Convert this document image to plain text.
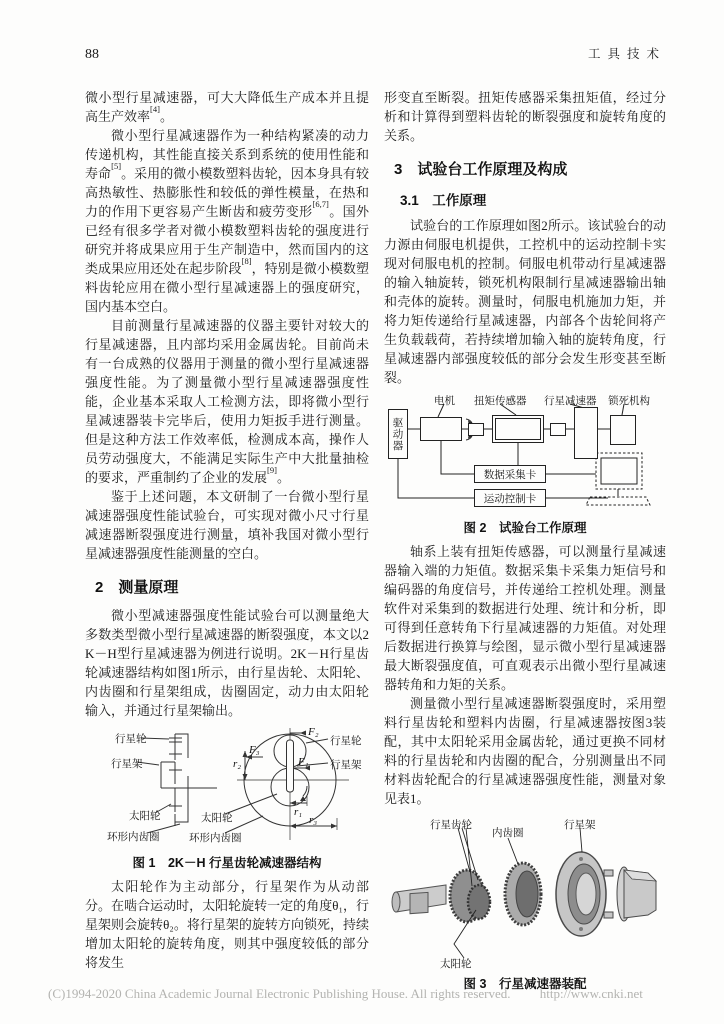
88	工具技术

微小型行星减速器，可大大降低生产成本并且提高生产效率[4]。

微小型行星减速器作为一种结构紧凑的动力传递机构，其性能直接关系到系统的使用性能和寿命[5]。采用的微小模数塑料齿轮，因本身具有较高热敏性、热膨胀性和较低的弹性模量，在热和力的作用下更容易产生断齿和疲劳变形[6,7]。国外已经有很多学者对微小模数塑料齿轮的强度进行研究并将成果应用于生产制造中，然而国内的这类成果应用还处在起步阶段[8]，特别是微小模数塑料齿轮应用在微小型行星减速器上的强度研究，国内基本空白。

目前测量行星减速器的仪器主要针对较大的行星减速器，且内部均采用金属齿轮。目前尚未有一台成熟的仪器用于测量的微小型行星减速器强度性能。为了测量微小型行星减速器强度性能，企业基本采取人工检测方法，即将微小型行星减速器装卡完毕后，使用力矩扳手进行测量。但是这种方法工作效率低，检测成本高，操作人员劳动强度大，不能满足实际生产中大批量抽检的要求，严重制约了企业的发展[9]。

鉴于上述问题，本文研制了一台微小型行星减速器强度性能试验台，可实现对微小尺寸行星减速器断裂强度进行测量，填补我国对微小型行星减速器强度性能测量的空白。

2　测量原理

微小型减速器强度性能试验台可以测量绝大多数类型微小型行星减速器的断裂强度，本文以2K－H型行星减速器为例进行说明。2K－H行星齿轮减速器结构如图1所示，由行星齿轮、太阳轮、内齿圈和行星架组成，齿圈固定，动力由太阳轮输入，并通过行星架输出。

行星轮
行星架
太阳轮
环形内齿圈
F₂
F₃
F₁
r₂
r₁
r₃
行星轮
行星架
太阳轮
环形内齿圈
图 1　2K－H 行星齿轮减速器结构

太阳轮作为主动部分，行星架作为从动部分。在啮合运动时，太阳轮旋转一定的角度θ₁，行星架则会旋转θ₂。将行星架的旋转方向锁死，持续增加太阳轮的旋转角度，则其中强度较低的部分将发生

形变直至断裂。扭矩传感器采集扭矩值，经过分析和计算得到塑料齿轮的断裂强度和旋转角度的关系。

3　试验台工作原理及构成
3.1　工作原理

试验台的工作原理如图2所示。该试验台的动力源由伺服电机提供，工控机中的运动控制卡实现对伺服电机的控制。伺服电机带动行星减速器的输入轴旋转，锁死机构限制行星减速器输出轴和壳体的旋转。测量时，伺服电机施加力矩，并将力矩传递给行星减速器，内部各个齿轮间将产生负载载荷，若持续增加输入轴的旋转角度，行星减速器内部强度较低的部分会发生形变甚至断裂。

电机 扭矩传感器 行星减速器 锁死机构
驱动器
数据采集卡
运动控制卡
图 2　试验台工作原理

轴系上装有扭矩传感器，可以测量行星减速器输入端的力矩值。数据采集卡采集力矩信号和编码器的角度信号，并传递给工控机处理。测量软件对采集到的数据进行处理、统计和分析，即可得到任意转角下行星减速器的力矩值。对处理后数据进行换算与绘图，显示微小型行星减速器最大断裂强度值，可直观表示出微小型行星减速器转角和力矩的关系。

测量微小型行星减速器断裂强度时，采用塑料行星齿轮和塑料内齿圈，行星减速器按图3装配，其中太阳轮采用金属齿轮，通过更换不同材料的行星齿轮和内齿圈的配合，分别测量出不同材料齿轮配合的行星减速器强度性能，测量对象见表1。

行星齿轮
内齿圈
行星架
太阳轮
图 3　行星减速器装配
(C)1994-2020 China Academic Journal Electronic Publishing House. All rights reserved. http://www.cnki.net
